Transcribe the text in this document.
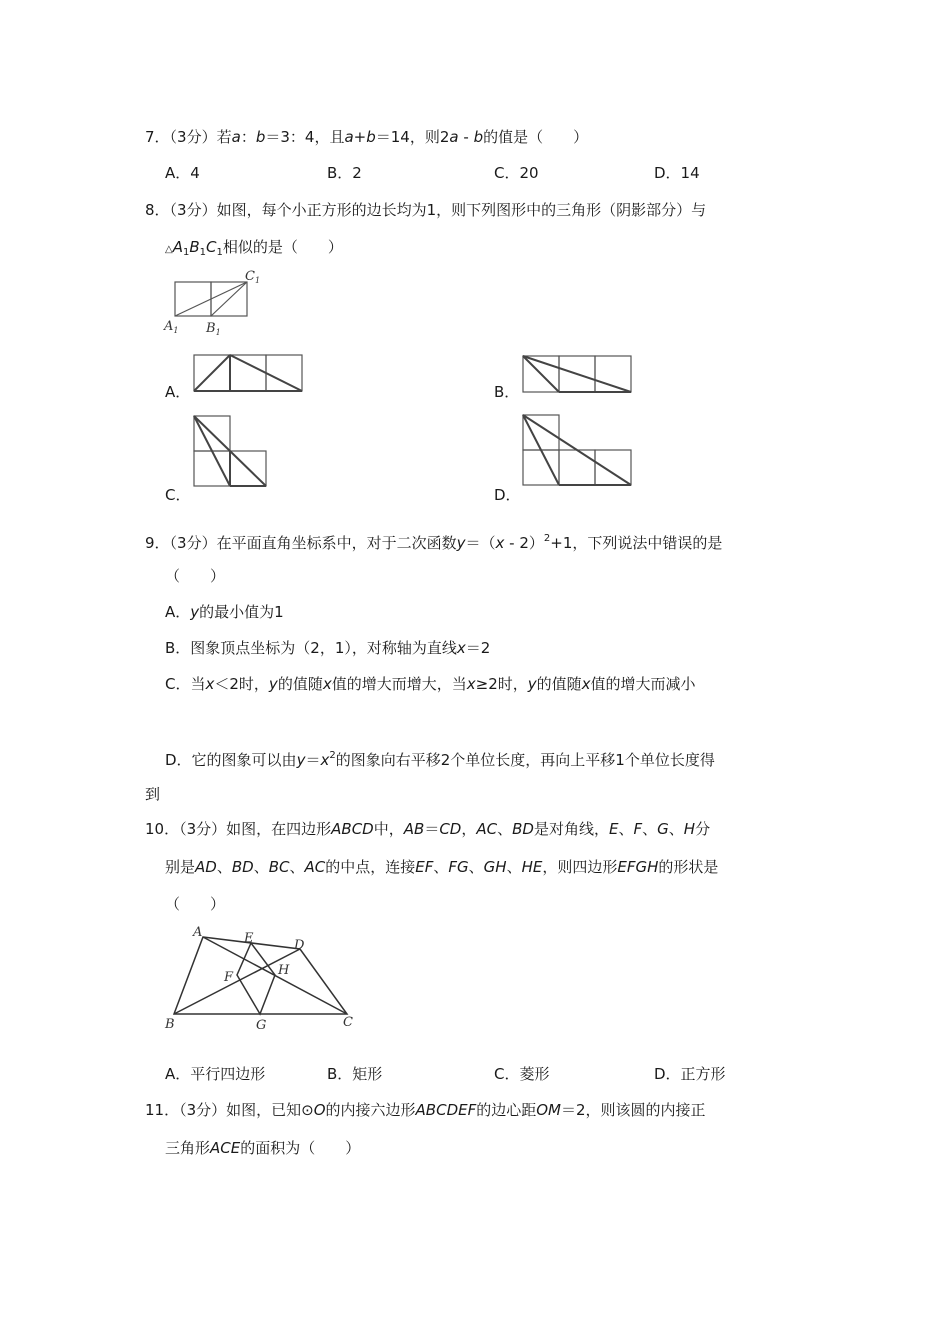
7．（3分）若a：b＝3：4，且a+b＝14，则2a - b的值是（　　）
A．4	B．2	C．20	D．14
8．（3分）如图，每个小正方形的边长均为1，则下列图形中的三角形（阴影部分）与
$\triangle A_1B_1C_1$相似的是（　　）
$C_1$
$A_1$ $B_1$
A．	B．
C．	D．
9．（3分）在平面直角坐标系中，对于二次函数y＝（x - 2）$^2$+1，下列说法中错误的是
（　　）
A．y的最小值为1
B．图象顶点坐标为（2，1），对称轴为直线x＝2
C．当x＜2时，y的值随x值的增大而增大，当x≥2时，y的值随x值的增大而减小
D．它的图象可以由$y=x^2$的图象向右平移2个单位长度，再向上平移1个单位长度得
到
10．（3分）如图，在四边形ABCD中，AB＝CD，AC、BD是对角线，E、F、G、H分
别是AD、BD、BC、AC的中点，连接EF、FG、GH、HE，则四边形EFGH的形状是
（　　）
A	E	D
F	H
B	G	C
A．平行四边形	B．矩形	C．菱形	D．正方形
11．（3分）如图，已知⊙O的内接六边形ABCDEF的边心距OM＝2，则该圆的内接正
三角形ACE的面积为（　　）
